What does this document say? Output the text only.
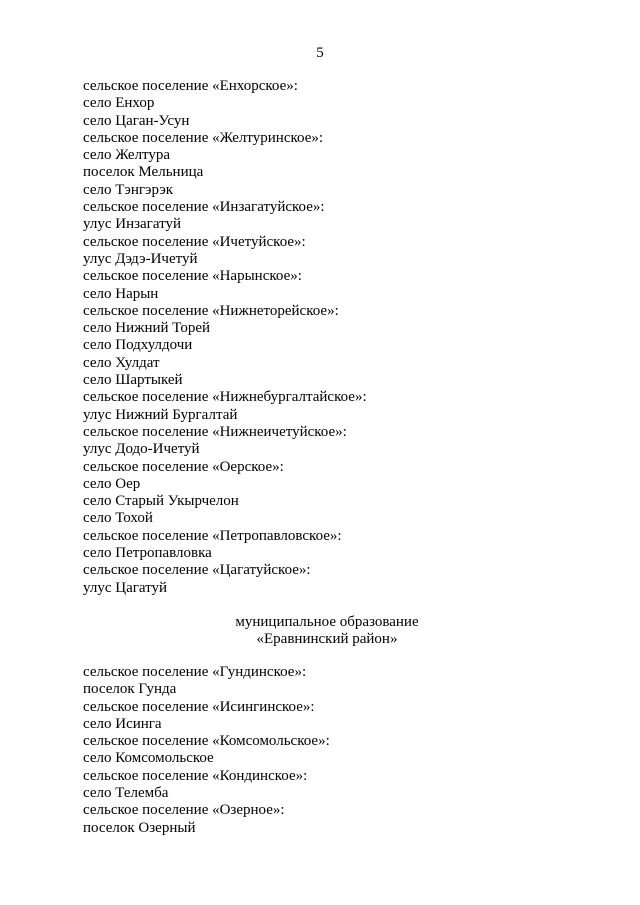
5
сельское поселение «Енхорское»:
село Енхор
село Цаган-Усун
сельское поселение «Желтуринское»:
село Желтура
поселок Мельница
село Тэнгэрэк
сельское поселение «Инзагатуйское»:
улус Инзагатуй
сельское поселение «Ичетуйское»:
улус Дэдэ-Ичетуй
сельское поселение «Нарынское»:
село Нарын
сельское поселение «Нижнеторейское»:
село Нижний Торей
село Подхулдочи
село Хулдат
село Шартыкей
сельское поселение «Нижнебургалтайское»:
улус Нижний Бургалтай
сельское поселение «Нижнеичетуйское»:
улус Додо-Ичетуй
сельское поселение «Оерское»:
село Оер
село Старый Укырчелон
село Тохой
сельское поселение «Петропавловское»:
село Петропавловка
сельское поселение «Цагатуйское»:
улус Цагатуй
муниципальное образование
«Еравнинский район»
сельское поселение «Гундинское»:
поселок Гунда
сельское поселение «Исингинское»:
село Исинга
сельское поселение «Комсомольское»:
село Комсомольское
сельское поселение «Кондинское»:
село Телемба
сельское поселение «Озерное»:
поселок Озерный
